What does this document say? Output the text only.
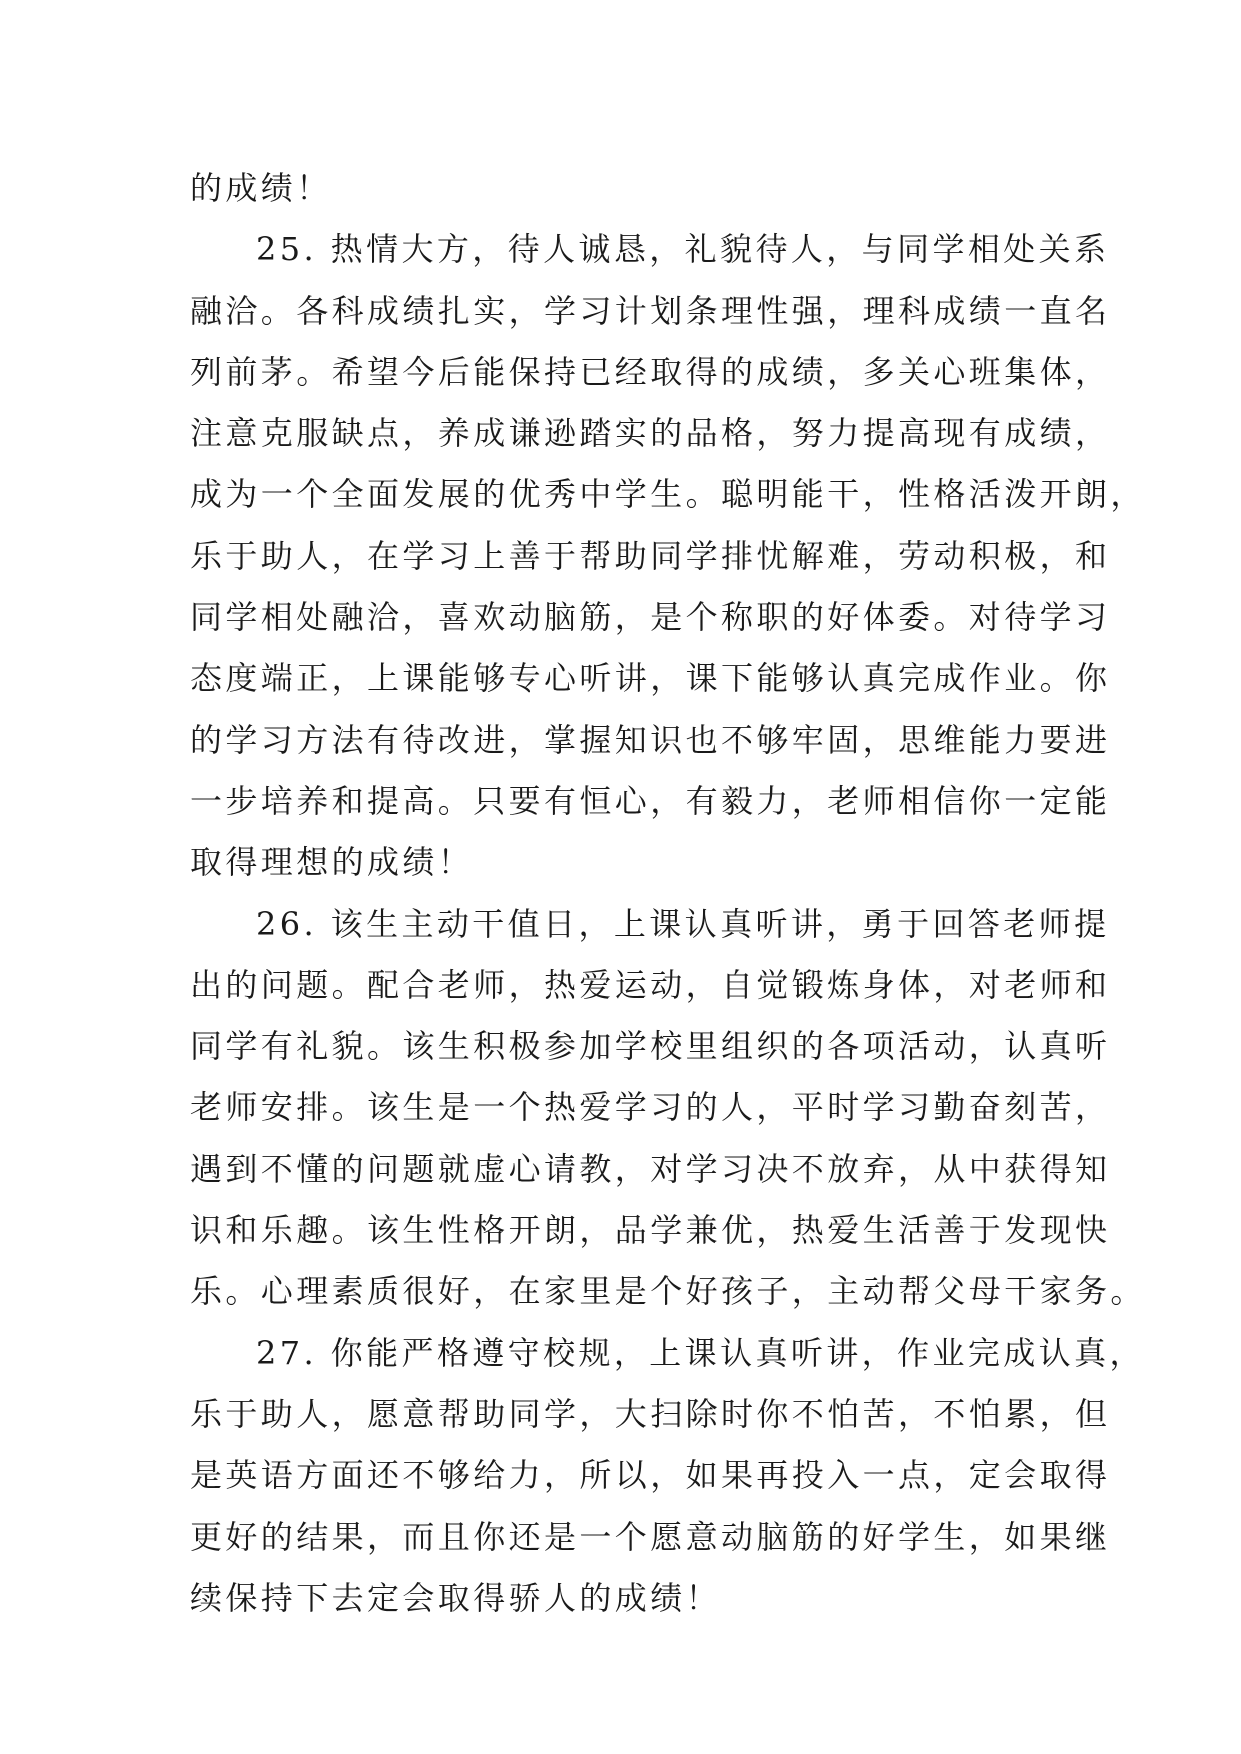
的成绩！
25. 热情大方，待人诚恳，礼貌待人，与同学相处关系
融洽。各科成绩扎实，学习计划条理性强，理科成绩一直名
列前茅。希望今后能保持已经取得的成绩，多关心班集体，
注意克服缺点，养成谦逊踏实的品格，努力提高现有成绩，
成为一个全面发展的优秀中学生。聪明能干，性格活泼开朗，
乐于助人，在学习上善于帮助同学排忧解难，劳动积极，和
同学相处融洽，喜欢动脑筋，是个称职的好体委。对待学习
态度端正，上课能够专心听讲，课下能够认真完成作业。你
的学习方法有待改进，掌握知识也不够牢固，思维能力要进
一步培养和提高。只要有恒心，有毅力，老师相信你一定能
取得理想的成绩！
26. 该生主动干值日，上课认真听讲，勇于回答老师提
出的问题。配合老师，热爱运动，自觉锻炼身体，对老师和
同学有礼貌。该生积极参加学校里组织的各项活动，认真听
老师安排。该生是一个热爱学习的人，平时学习勤奋刻苦，
遇到不懂的问题就虚心请教，对学习决不放弃，从中获得知
识和乐趣。该生性格开朗，品学兼优，热爱生活善于发现快
乐。心理素质很好，在家里是个好孩子，主动帮父母干家务。
27. 你能严格遵守校规，上课认真听讲，作业完成认真，
乐于助人，愿意帮助同学，大扫除时你不怕苦，不怕累，但
是英语方面还不够给力，所以，如果再投入一点，定会取得
更好的结果，而且你还是一个愿意动脑筋的好学生，如果继
续保持下去定会取得骄人的成绩！
